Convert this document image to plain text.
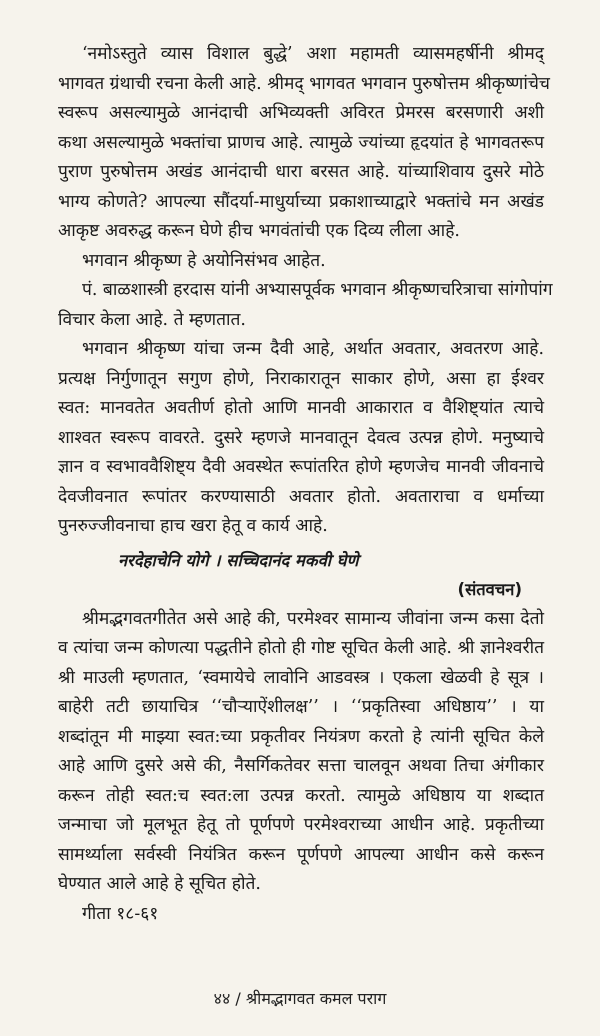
‘नमोऽस्तुते व्यास विशाल बुद्धे’ अशा महामती व्यासमहर्षीनी श्रीमद्
भागवत ग्रंथाची रचना केली आहे. श्रीमद् भागवत भगवान पुरुषोत्तम श्रीकृष्णांचेच
स्वरूप असल्यामुळे आनंदाची अभिव्यक्ती अविरत प्रेमरस बरसणारी अशी
कथा असल्यामुळे भक्तांचा प्राणच आहे. त्यामुळे ज्यांच्या हृदयांत हे भागवतरूप
पुराण पुरुषोत्तम अखंड आनंदाची धारा बरसत आहे. यांच्याशिवाय दुसरे मोठे
भाग्य कोणते? आपल्या सौंदर्या-माधुर्याच्या प्रकाशाच्याद्वारे भक्तांचे मन अखंड
आकृष्ट अवरुद्ध करून घेणे हीच भगवंतांची एक दिव्य लीला आहे.
भगवान श्रीकृष्ण हे अयोनिसंभव आहेत.
पं. बाळशास्त्री हरदास यांनी अभ्यासपूर्वक भगवान श्रीकृष्णचरित्राचा सांगोपांग
विचार केला आहे. ते म्हणतात.
भगवान श्रीकृष्ण यांचा जन्म दैवी आहे, अर्थात अवतार, अवतरण आहे.
प्रत्यक्ष निर्गुणातून सगुण होणे, निराकारातून साकार होणे, असा हा ईश्वर
स्वत: मानवतेत अवतीर्ण होतो आणि मानवी आकारात व वैशिष्ट्यांत त्याचे
शाश्वत स्वरूप वावरते. दुसरे म्हणजे मानवातून देवत्व उत्पन्न होणे. मनुष्याचे
ज्ञान व स्वभाववैशिष्ट्य दैवी अवस्थेत रूपांतरित होणे म्हणजेच मानवी जीवनाचे
देवजीवनात रूपांतर करण्यासाठी अवतार होतो. अवताराचा व धर्माच्या
पुनरुज्जीवनाचा हाच खरा हेतू व कार्य आहे.
नरदेहाचेनि योगे । सच्चिदानंद मकवी घेणे
(संतवचन)
श्रीमद्भगवतगीतेत असे आहे की, परमेश्वर सामान्य जीवांना जन्म कसा देतो
व त्यांचा जन्म कोणत्या पद्धतीने होतो ही गोष्ट सूचित केली आहे. श्री ज्ञानेश्वरीत
श्री माउली म्हणतात, ‘स्वमायेचे लावोनि आडवस्त्र । एकला खेळवी हे सूत्र ।
बाहेरी तटी छायाचित्र ‘‘चौऱ्याऐंशीलक्ष’’ । ‘‘प्रकृतिस्वा अधिष्ठाय’’ । या
शब्दांतून मी माझ्या स्वत:च्या प्रकृतीवर नियंत्रण करतो हे त्यांनी सूचित केले
आहे आणि दुसरे असे की, नैसर्गिकतेवर सत्ता चालवून अथवा तिचा अंगीकार
करून तोही स्वत:च स्वत:ला उत्पन्न करतो. त्यामुळे अधिष्ठाय या शब्दात
जन्माचा जो मूलभूत हेतू तो पूर्णपणे परमेश्वराच्या आधीन आहे. प्रकृतीच्या
सामर्थ्याला सर्वस्वी नियंत्रित करून पूर्णपणे आपल्या आधीन कसे करून
घेण्यात आले आहे हे सूचित होते.
गीता १८-६१
४४ / श्रीमद्भागवत कमल पराग
